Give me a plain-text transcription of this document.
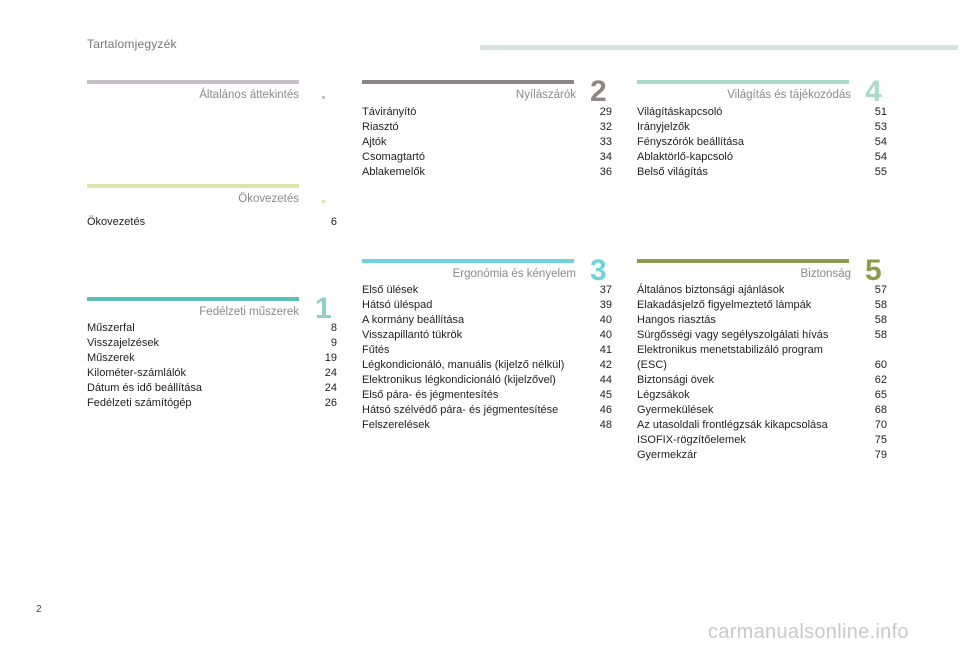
Tartalomjegyzék
Általános áttekintés
Ökovezetés
Ökovezetés	6
Fedélzeti műszerek 1
Műszerfal	8
Visszajelzések	9
Műszerek	19
Kilométer-számlálók	24
Dátum és idő beállítása	24
Fedélzeti számítógép	26
Nyílászárók 2
Távirányító	29
Riasztó	32
Ajtók	33
Csomagtartó	34
Ablakemelők	36
Ergonómia és kényelem 3
Első ülések	37
Hátsó üléspad	39
A kormány beállítása	40
Visszapillantó tükrök	40
Fűtés	41
Légkondicionáló, manuális (kijelző nélkül)	42
Elektronikus légkondicionáló (kijelzővel)	44
Első pára- és jégmentesítés	45
Hátsó szélvédő pára- és jégmentesítése	46
Felszerelések	48
Világítás és tájékozódás 4
Világításkapcsoló	51
Irányjelzők	53
Fényszórók beállítása	54
Ablaktörlő-kapcsoló	54
Belső világítás	55
Biztonság 5
Általános biztonsági ajánlások	57
Elakadásjelző figyelmeztető lámpák	58
Hangos riasztás	58
Sürgősségi vagy segélyszolgálati hívás	58
Elektronikus menetstabilizáló program
(ESC)	60
Biztonsági övek	62
Légzsákok	65
Gyermekülések	68
Az utasoldali frontlégzsák kikapcsolása	70
ISOFIX-rögzítőelemek	75
Gyermekzár	79
2
carmanualsonline.info
